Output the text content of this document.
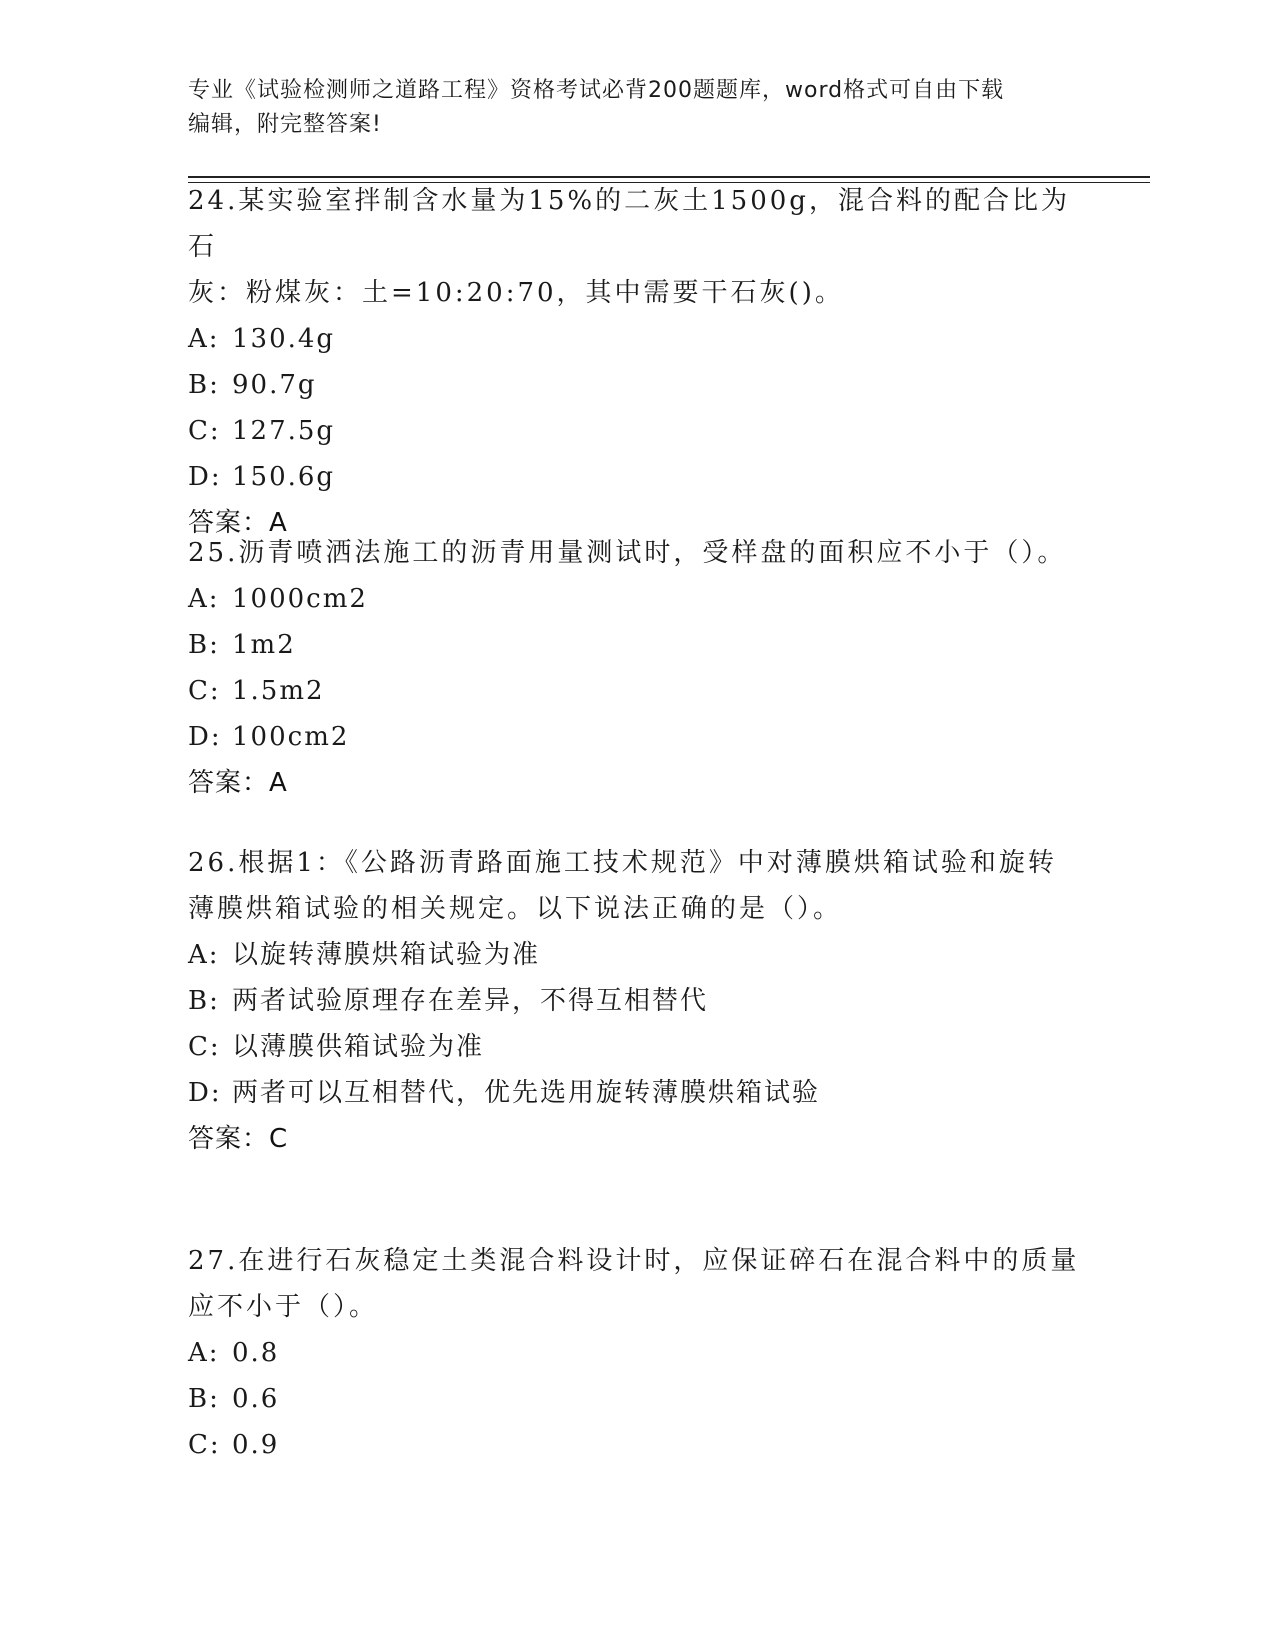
专业《试验检测师之道路工程》资格考试必背200题题库，word格式可自由下载
编辑，附完整答案!

24.某实验室拌制含水量为15%的二灰土1500g，混合料的配合比为石

灰：粉煤灰：土=10:20:70，其中需要干石灰()。

A: 130.4g

B: 90.7g

C: 127.5g

D: 150.6g

答案：A

25.沥青喷洒法施工的沥青用量测试时，受样盘的面积应不小于（）。

A: 1000cm2

B: 1m2

C: 1.5m2

D: 100cm2

答案：A

26.根据1：《公路沥青路面施工技术规范》中对薄膜烘箱试验和旋转

薄膜烘箱试验的相关规定。以下说法正确的是（）。

A: 以旋转薄膜烘箱试验为准

B: 两者试验原理存在差异，不得互相替代

C: 以薄膜供箱试验为准

D: 两者可以互相替代，优先选用旋转薄膜烘箱试验

答案：C

27.在进行石灰稳定土类混合料设计时，应保证碎石在混合料中的质量

应不小于（）。

A: 0.8

B: 0.6

C: 0.9
